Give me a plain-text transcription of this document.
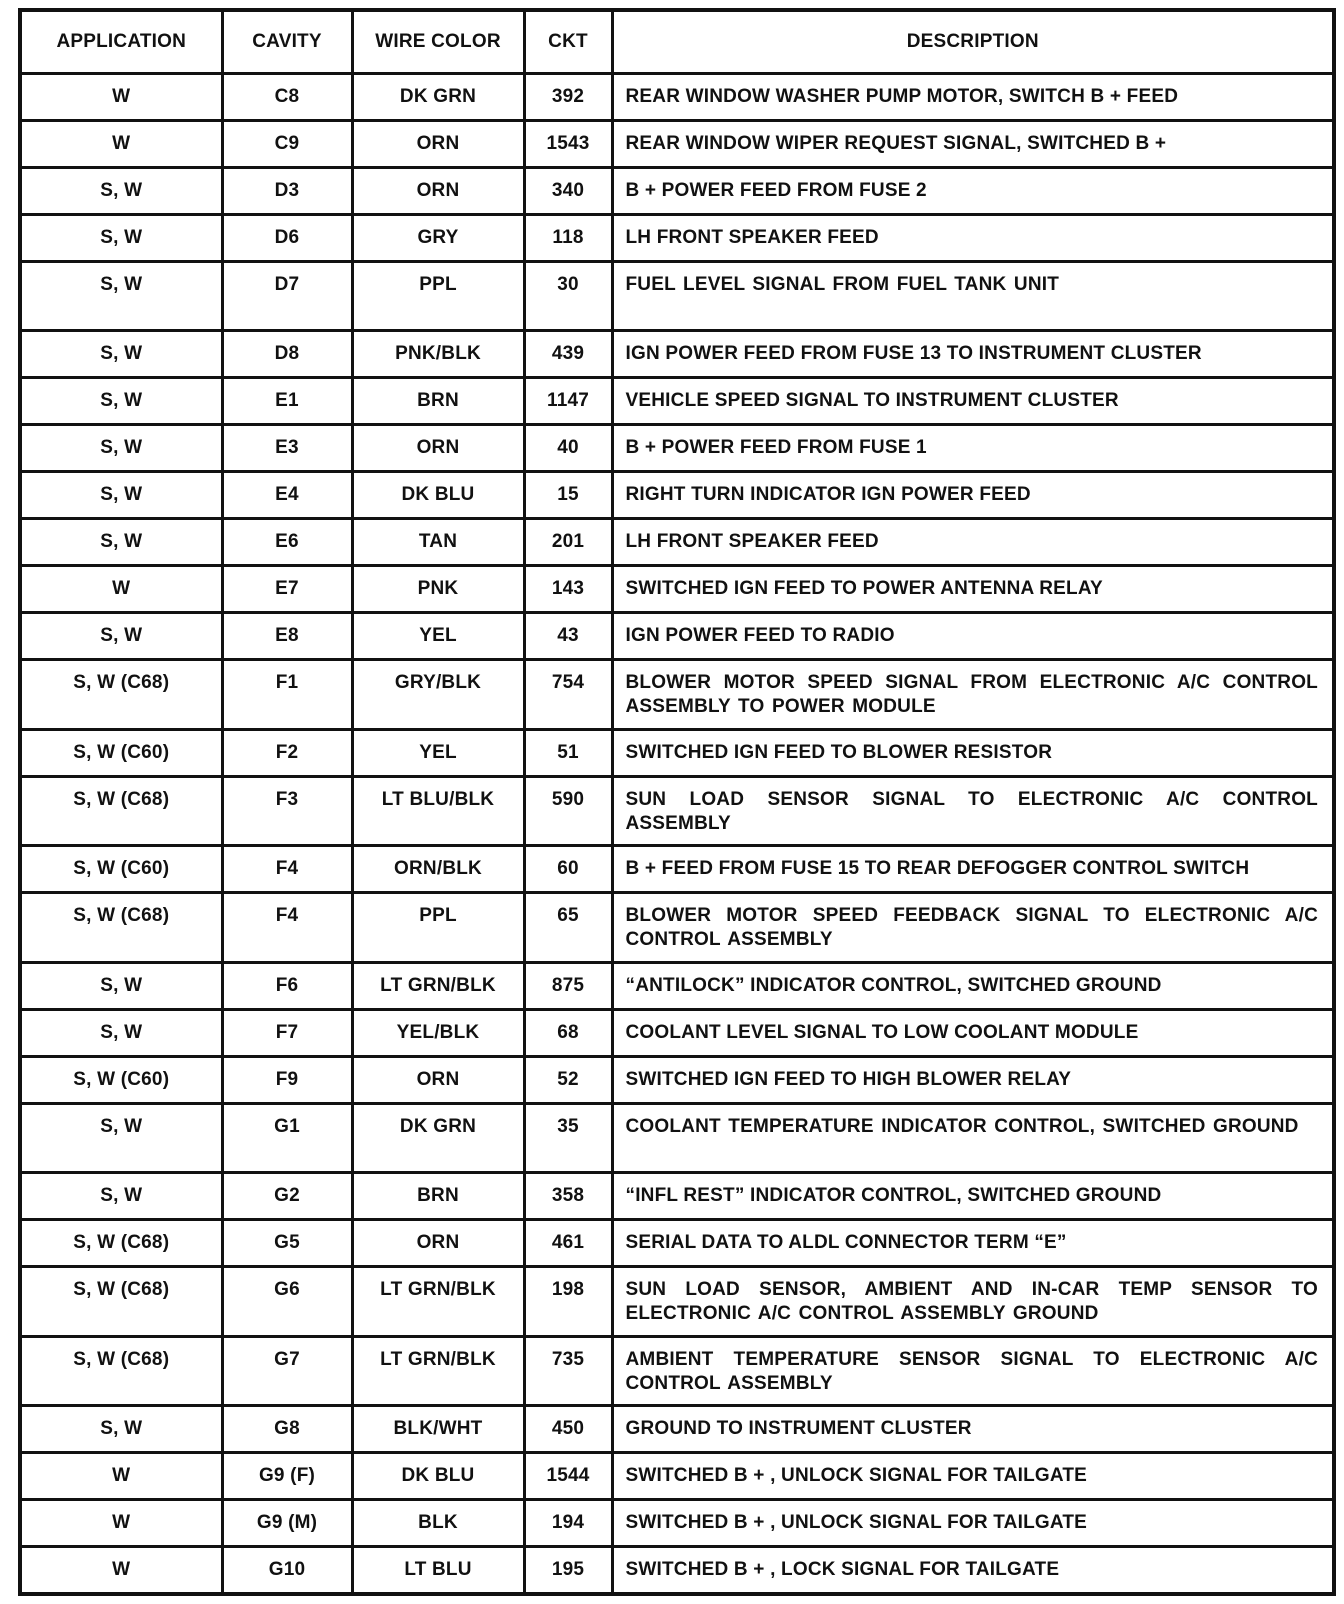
APPLICATION	CAVITY	WIRE COLOR	CKT	DESCRIPTION
W	C8	DK GRN	392	REAR WINDOW WASHER PUMP MOTOR, SWITCH B + FEED
W	C9	ORN	1543	REAR WINDOW WIPER REQUEST SIGNAL, SWITCHED B +
S, W	D3	ORN	340	B + POWER FEED FROM FUSE 2
S, W	D6	GRY	118	LH FRONT SPEAKER FEED
S, W	D7	PPL	30	FUEL LEVEL SIGNAL FROM FUEL TANK UNIT
S, W	D8	PNK/BLK	439	IGN POWER FEED FROM FUSE 13 TO INSTRUMENT CLUSTER
S, W	E1	BRN	1147	VEHICLE SPEED SIGNAL TO INSTRUMENT CLUSTER
S, W	E3	ORN	40	B + POWER FEED FROM FUSE 1
S, W	E4	DK BLU	15	RIGHT TURN INDICATOR IGN POWER FEED
S, W	E6	TAN	201	LH FRONT SPEAKER FEED
W	E7	PNK	143	SWITCHED IGN FEED TO POWER ANTENNA RELAY
S, W	E8	YEL	43	IGN POWER FEED TO RADIO
S, W (C68)	F1	GRY/BLK	754	BLOWER MOTOR SPEED SIGNAL FROM ELECTRONIC A/C CONTROL ASSEMBLY TO POWER MODULE
S, W (C60)	F2	YEL	51	SWITCHED IGN FEED TO BLOWER RESISTOR
S, W (C68)	F3	LT BLU/BLK	590	SUN LOAD SENSOR SIGNAL TO ELECTRONIC A/C CONTROL ASSEMBLY
S, W (C60)	F4	ORN/BLK	60	B + FEED FROM FUSE 15 TO REAR DEFOGGER CONTROL SWITCH
S, W (C68)	F4	PPL	65	BLOWER MOTOR SPEED FEEDBACK SIGNAL TO ELECTRONIC A/C CONTROL ASSEMBLY
S, W	F6	LT GRN/BLK	875	“ANTILOCK” INDICATOR CONTROL, SWITCHED GROUND
S, W	F7	YEL/BLK	68	COOLANT LEVEL SIGNAL TO LOW COOLANT MODULE
S, W (C60)	F9	ORN	52	SWITCHED IGN FEED TO HIGH BLOWER RELAY
S, W	G1	DK GRN	35	COOLANT TEMPERATURE INDICATOR CONTROL, SWITCHED GROUND
S, W	G2	BRN	358	“INFL REST” INDICATOR CONTROL, SWITCHED GROUND
S, W (C68)	G5	ORN	461	SERIAL DATA TO ALDL CONNECTOR TERM “E”
S, W (C68)	G6	LT GRN/BLK	198	SUN LOAD SENSOR, AMBIENT AND IN-CAR TEMP SENSOR TO ELECTRONIC A/C CONTROL ASSEMBLY GROUND
S, W (C68)	G7	LT GRN/BLK	735	AMBIENT TEMPERATURE SENSOR SIGNAL TO ELECTRONIC A/C CONTROL ASSEMBLY
S, W	G8	BLK/WHT	450	GROUND TO INSTRUMENT CLUSTER
W	G9 (F)	DK BLU	1544	SWITCHED B + , UNLOCK SIGNAL FOR TAILGATE
W	G9 (M)	BLK	194	SWITCHED B + , UNLOCK SIGNAL FOR TAILGATE
W	G10	LT BLU	195	SWITCHED B + , LOCK SIGNAL FOR TAILGATE
